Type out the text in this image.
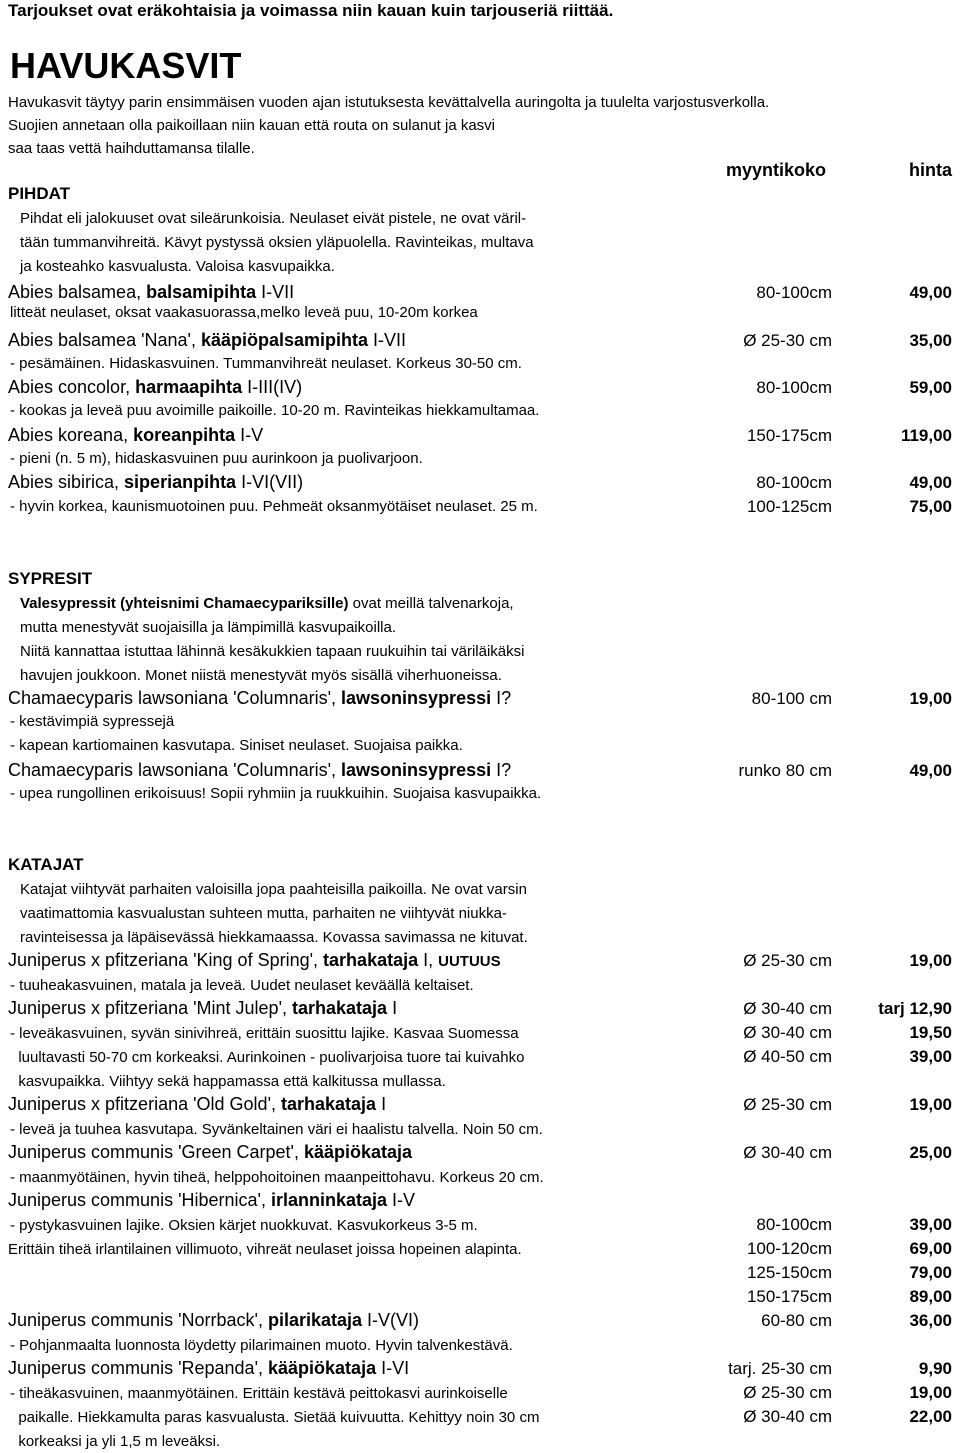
Tarjoukset ovat eräkohtaisia ja voimassa niin kauan kuin tarjouseriä riittää.
HAVUKASVIT
Havukasvit täytyy parin ensimmäisen vuoden ajan istutuksesta kevättalvella auringolta ja tuulelta varjostusverkolla.
Suojien annetaan olla paikoillaan niin kauan että routa on sulanut ja kasvi
saa taas vettä haihduttamansa tilalle.
myyntikoko	hinta
PIHDAT
Pihdat eli jalokuuset ovat sileärunkoisia. Neulaset eivät pistele, ne ovat väril-
tään tummanvihreitä. Kävyt pystyssä oksien yläpuolella. Ravinteikas, multava
ja kosteahko kasvualusta. Valoisa kasvupaikka.
Abies balsamea, balsamipihta I-VII	80-100cm	49,00
litteät neulaset, oksat vaakasuorassa,melko leveä puu, 10-20m korkea
Abies balsamea 'Nana', kääpiöpalsamipihta I-VII	Ø 25-30 cm	35,00
- pesämäinen. Hidaskasvuinen. Tummanvihreät neulaset. Korkeus 30-50 cm.
Abies concolor, harmaapihta I-III(IV)	80-100cm	59,00
- kookas ja leveä puu avoimille paikoille. 10-20 m. Ravinteikas hiekkamultamaa.
Abies koreana, koreanpihta I-V	150-175cm	119,00
- pieni (n. 5 m), hidaskasvuinen puu aurinkoon ja puolivarjoon.
Abies sibirica, siperianpihta I-VI(VII)	80-100cm	49,00
- hyvin korkea, kaunismuotoinen puu. Pehmeät oksanmyötäiset neulaset. 25 m.	100-125cm	75,00
SYPRESIT
Valesypressit (yhteisnimi Chamaecypariksille) ovat meillä talvenarkoja,
mutta menestyvät suojaisilla ja lämpimillä kasvupaikoilla.
Niitä kannattaa istuttaa lähinnä kesäkukkien tapaan ruukuihin tai väriläikäksi
havujen joukkoon. Monet niistä menestyvät myös sisällä viherhuoneissa.
Chamaecyparis lawsoniana 'Columnaris', lawsoninsypressi I?	80-100 cm	19,00
- kestävimpiä sypressejä
- kapean kartiomainen kasvutapa. Siniset neulaset. Suojaisa paikka.
Chamaecyparis lawsoniana 'Columnaris', lawsoninsypressi I?	runko 80 cm	49,00
- upea rungollinen erikoisuus! Sopii ryhmiin ja ruukkuihin. Suojaisa kasvupaikka.
KATAJAT
Katajat viihtyvät parhaiten valoisilla jopa paahteisilla paikoilla. Ne ovat varsin
vaatimattomia kasvualustan suhteen mutta, parhaiten ne viihtyvät niukka-
ravinteisessa ja läpäisevässä hiekkamaassa. Kovassa savimassa ne kituvat.
Juniperus x pfitzeriana 'King of Spring', tarhakataja I, UUTUUS	Ø 25-30 cm	19,00
- tuuheakasvuinen, matala ja leveä. Uudet neulaset keväällä keltaiset.
Juniperus x pfitzeriana 'Mint Julep', tarhakataja I	Ø 30-40 cm	tarj 12,90
- leveäkasvuinen, syvän sinivihreä, erittäin suosittu lajike. Kasvaa Suomessa	Ø 30-40 cm	19,50
luultavasti 50-70 cm korkeaksi. Aurinkoinen - puolivarjoisa tuore tai kuivahko	Ø 40-50 cm	39,00
kasvupaikka. Viihtyy sekä happamassa että kalkitussa mullassa.
Juniperus x pfitzeriana 'Old Gold', tarhakataja I	Ø 25-30 cm	19,00
- leveä ja tuuhea kasvutapa. Syvänkeltainen väri ei haalistu talvella. Noin 50 cm.
Juniperus communis 'Green Carpet', kääpiökataja	Ø 30-40 cm	25,00
- maanmyötäinen, hyvin tiheä, helppohoitoinen maanpeittohavu. Korkeus 20 cm.
Juniperus communis 'Hibernica', irlanninkataja I-V
- pystykasvuinen lajike. Oksien kärjet nuokkuvat. Kasvukorkeus 3-5 m.	80-100cm	39,00
Erittäin tiheä irlantilainen villimuoto, vihreät neulaset joissa hopeinen alapinta.	100-120cm	69,00
125-150cm	79,00
150-175cm	89,00
Juniperus communis 'Norrback', pilarikataja I-V(VI)	60-80 cm	36,00
- Pohjanmaalta luonnosta löydetty pilarimainen muoto. Hyvin talvenkestävä.
Juniperus communis 'Repanda', kääpiökataja I-VI	tarj. 25-30 cm	9,90
- tiheäkasvuinen, maanmyötäinen. Erittäin kestävä peittokasvi aurinkoiselle	Ø 25-30 cm	19,00
paikalle. Hiekkamulta paras kasvualusta. Sietää kuivuutta. Kehittyy noin 30 cm	Ø 30-40 cm	22,00
korkeaksi ja yli 1,5 m leveäksi.
